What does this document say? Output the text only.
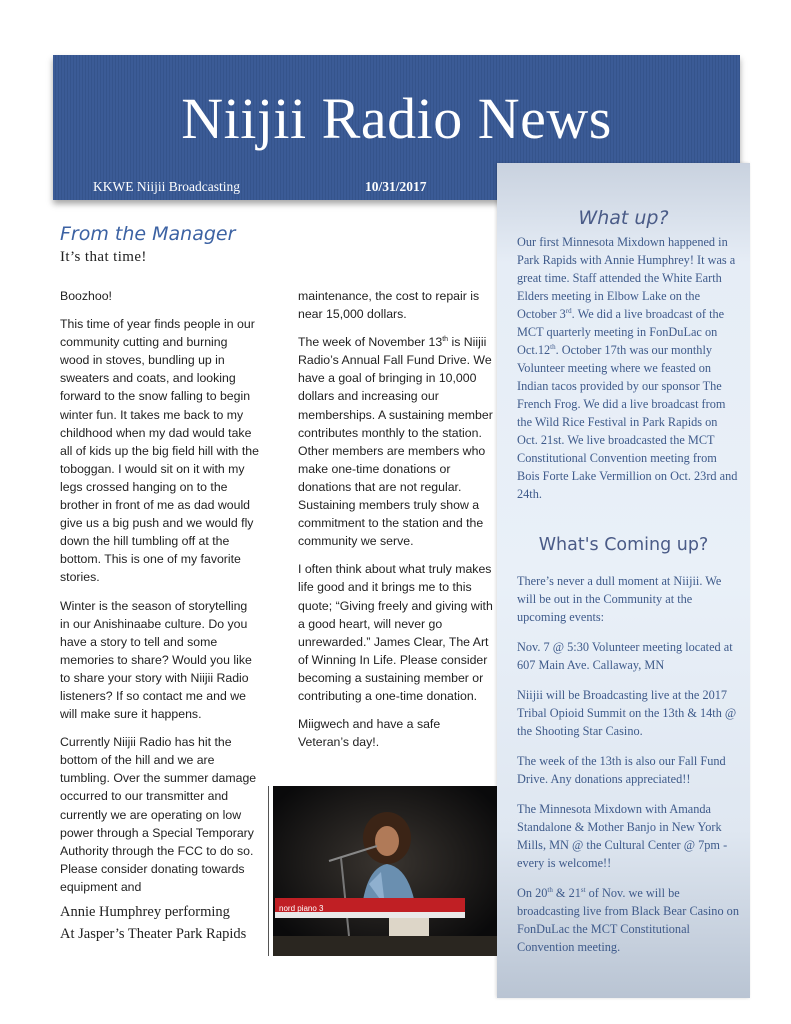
Niijii Radio News
KKWE Niijii Broadcasting	10/31/2017
What up?

Our first Minnesota Mixdown happened in Park Rapids with Annie Humphrey! It was a great time. Staff attended the White Earth Elders meeting in Elbow Lake on the October 3rd. We did a live broadcast of the MCT quarterly meeting in FonDuLac on Oct.12th. October 17th was our monthly Volunteer meeting where we feasted on Indian tacos provided by our sponsor The French Frog. We did a live broadcast from the Wild Rice Festival in Park Rapids on Oct. 21st. We live broadcasted the MCT Constitutional Convention meeting from Bois Forte Lake Vermillion on Oct. 23rd and 24th.

What's Coming up?

There’s never a dull moment at Niijii. We will be out in the Community at the upcoming events:

Nov. 7 @ 5:30 Volunteer meeting located at 607 Main Ave. Callaway, MN

Niijii will be Broadcasting live at the 2017 Tribal Opioid Summit on the 13th & 14th @ the Shooting Star Casino.

The week of the 13th is also our Fall Fund Drive. Any donations appreciated!!

The Minnesota Mixdown with Amanda Standalone & Mother Banjo in New York Mills, MN @ the Cultural Center @ 7pm - every is welcome!!

On 20th & 21st of Nov. we will be broadcasting live from Black Bear Casino on FonDuLac the MCT Constitutional Convention meeting.

From the Manager
It’s that time!

Boozhoo!

This time of year finds people in our community cutting and burning wood in stoves, bundling up in sweaters and coats, and looking forward to the snow falling to begin winter fun. It takes me back to my childhood when my dad would take all of kids up the big field hill with the toboggan. I would sit on it with my legs crossed hanging on to the brother in front of me as dad would give us a big push and we would fly down the hill tumbling off at the bottom. This is one of my favorite stories.

Winter is the season of storytelling in our Anishinaabe culture. Do you have a story to tell and some memories to share? Would you like to share your story with Niijii Radio listeners? If so contact me and we will make sure it happens.

Currently Niijii Radio has hit the bottom of the hill and we are tumbling. Over the summer damage occurred to our transmitter and currently we are operating on low power through a Special Temporary Authority through the FCC to do so. Please consider donating towards equipment and

maintenance, the cost to repair is near 15,000 dollars.

The week of November 13th is Niijii Radio’s Annual Fall Fund Drive. We have a goal of bringing in 10,000 dollars and increasing our memberships. A sustaining member contributes monthly to the station. Other members are members who make one-time donations or donations that are not regular. Sustaining members truly show a commitment to the station and the community we serve.

I often think about what truly makes life good and it brings me to this quote; “Giving freely and giving with a good heart, will never go unrewarded.” James Clear, The Art of Winning In Life. Please consider becoming a sustaining member or contributing a one-time donation.

Miigwech and have a safe Veteran’s day!.

Annie Humphrey performing
At Jasper’s Theater Park Rapids
nord piano 3
